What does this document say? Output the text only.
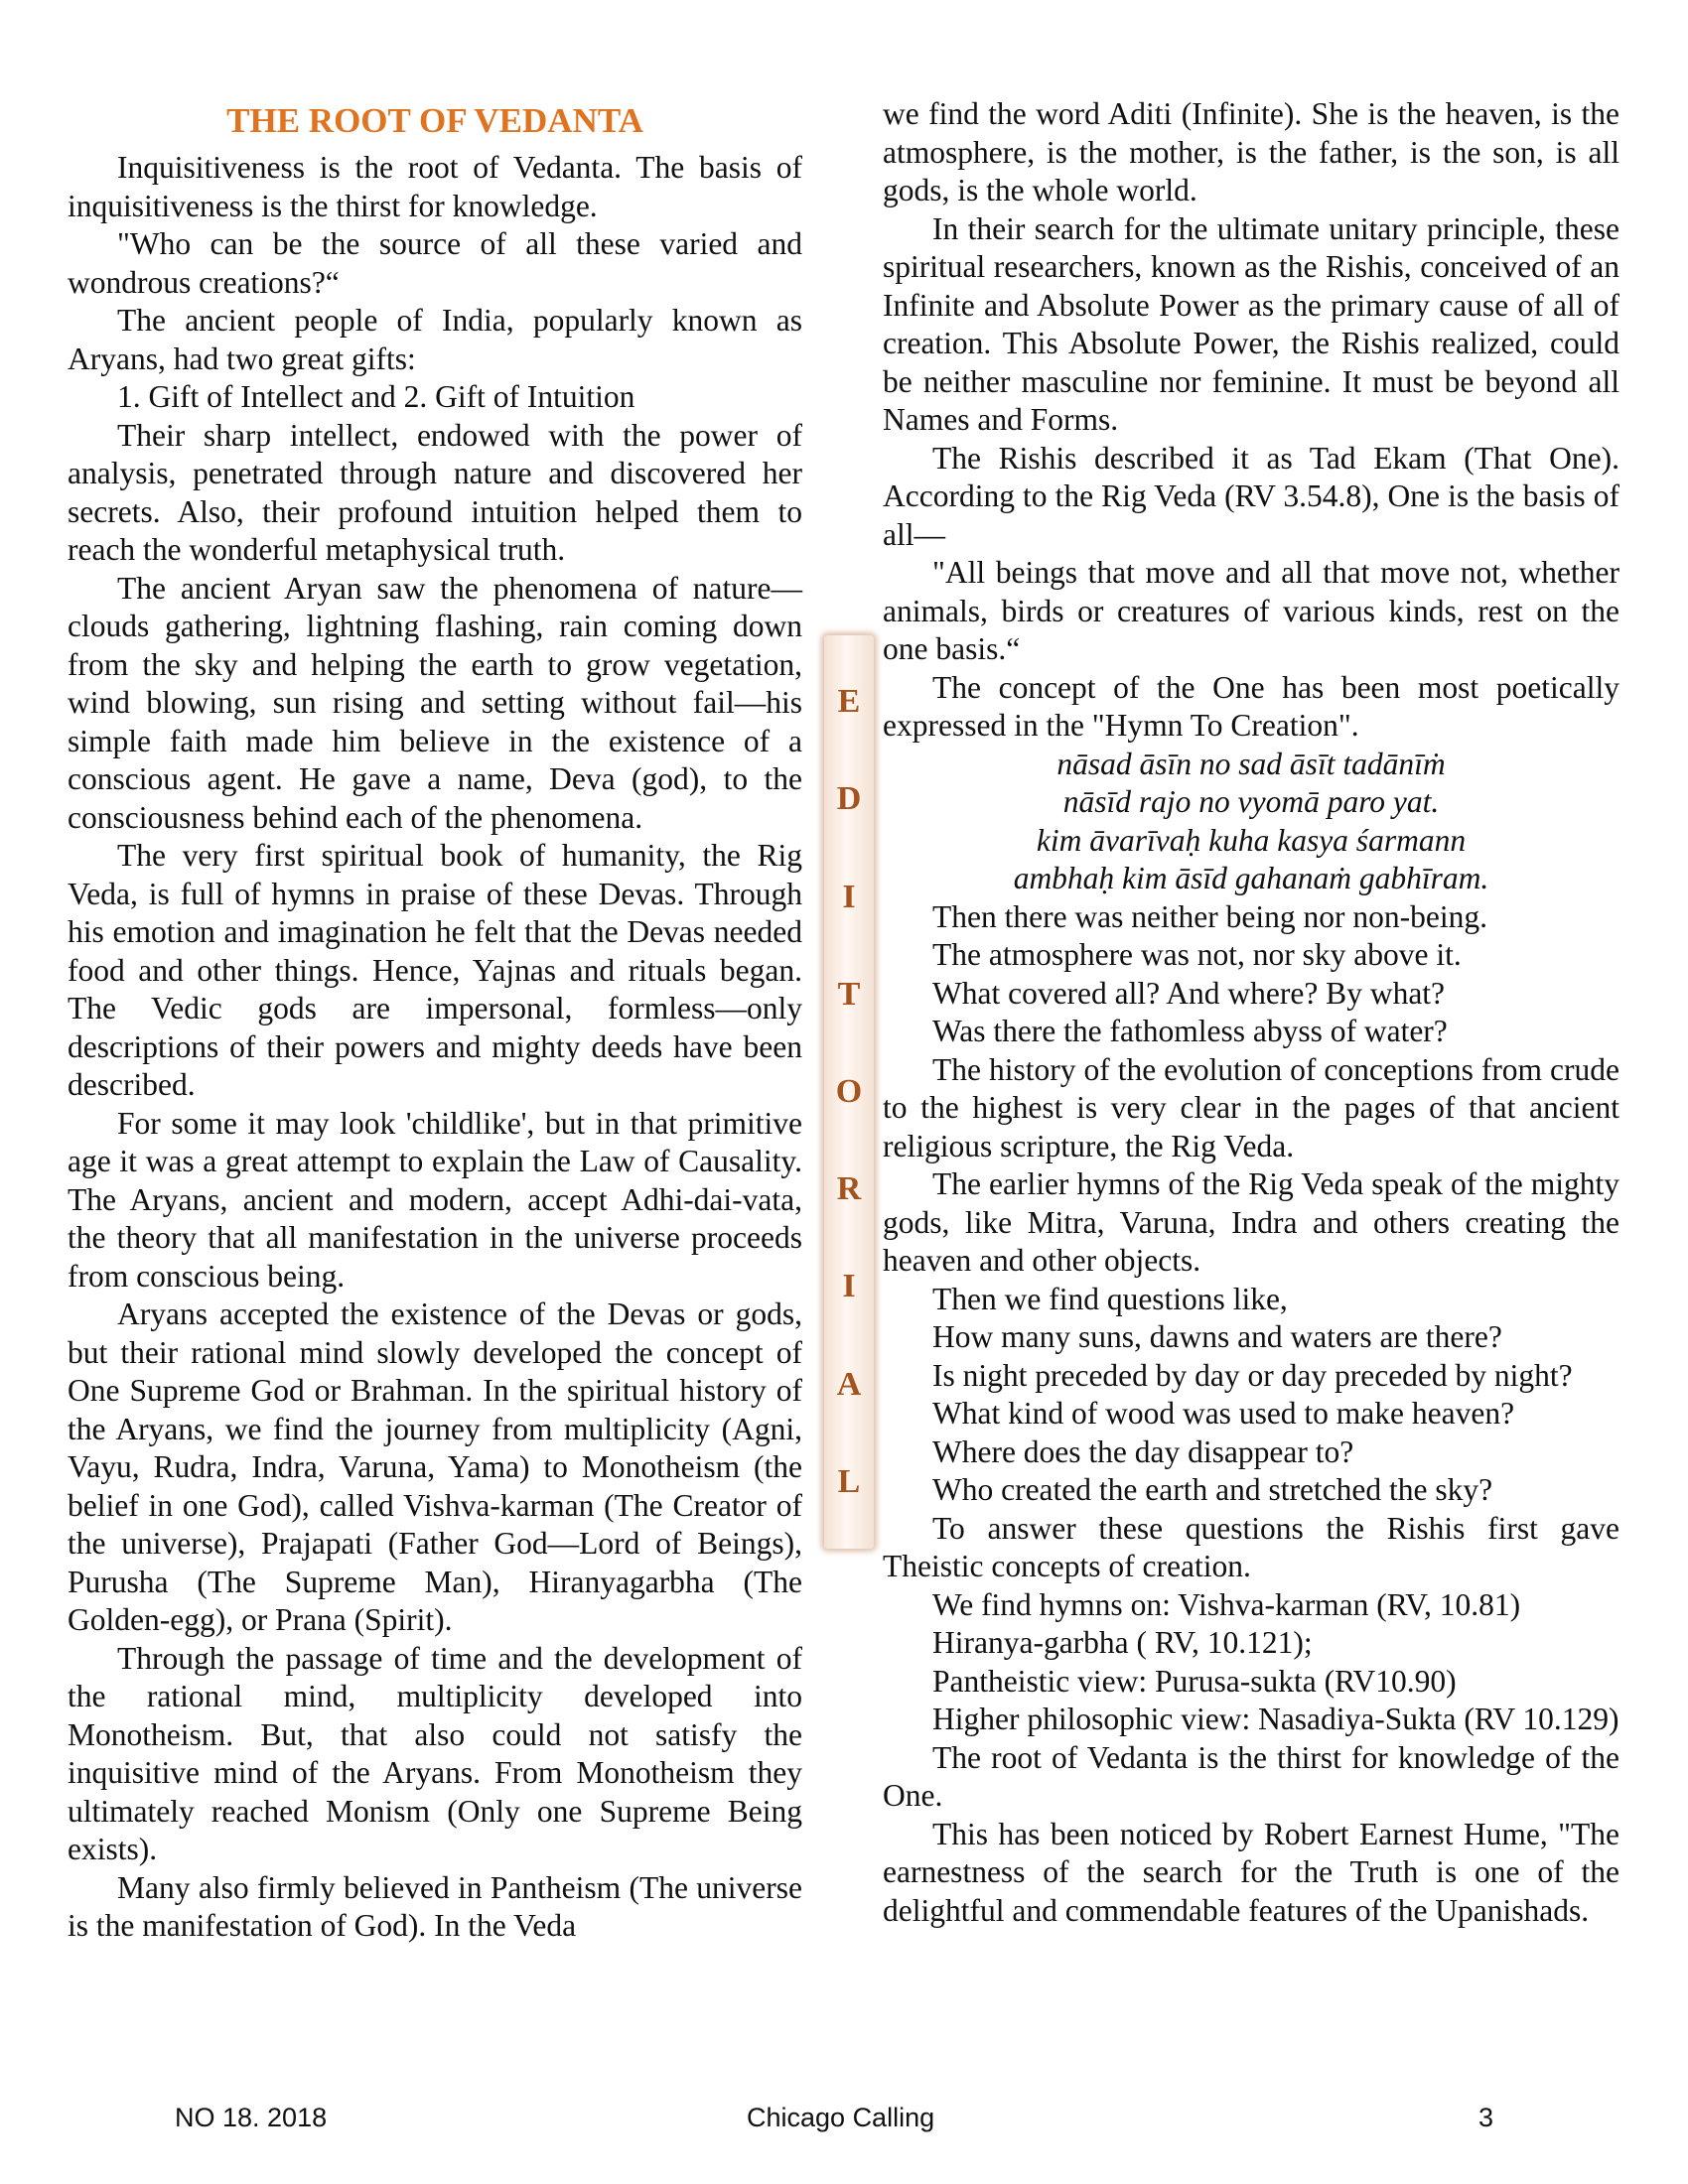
THE ROOT OF VEDANTA

Inquisitiveness is the root of Vedanta. The basis of inquisitiveness is the thirst for knowledge.

"Who can be the source of all these varied and wondrous creations?“

The ancient people of India, popularly known as Aryans, had two great gifts:

1. Gift of Intellect and 2. Gift of Intuition

Their sharp intellect, endowed with the power of analysis, penetrated through nature and discovered her secrets. Also, their profound intuition helped them to reach the wonderful metaphysical truth.

The ancient Aryan saw the phenomena of nature—clouds gathering, lightning flashing, rain coming down from the sky and helping the earth to grow vegetation, wind blowing, sun rising and setting without fail—his simple faith made him believe in the existence of a conscious agent. He gave a name, Deva (god), to the consciousness behind each of the phenomena.

The very first spiritual book of humanity, the Rig Veda, is full of hymns in praise of these Devas. Through his emotion and imagination he felt that the Devas needed food and other things. Hence, Yajnas and rituals began. The Vedic gods are impersonal, formless—only descriptions of their powers and mighty deeds have been described.

For some it may look 'childlike', but in that primitive age it was a great attempt to explain the Law of Causality. The Aryans, ancient and modern, accept Adhi-dai-vata, the theory that all manifestation in the universe proceeds from conscious being.

Aryans accepted the existence of the Devas or gods, but their rational mind slowly developed the concept of One Supreme God or Brahman. In the spiritual history of the Aryans, we find the journey from multiplicity (Agni, Vayu, Rudra, Indra, Varuna, Yama) to Monotheism (the belief in one God), called Vishva-karman (The Creator of the universe), Prajapati (Father God—Lord of Beings), Purusha (The Supreme Man), Hiranyagarbha (The Golden-egg), or Prana (Spirit).

Through the passage of time and the development of the rational mind, multiplicity developed into Monotheism. But, that also could not satisfy the inquisitive mind of the Aryans. From Monotheism they ultimately reached Monism (Only one Supreme Being exists).

Many also firmly believed in Pantheism (The universe is the manifestation of God). In the Veda

E
D
I
T
O
R
I
A
L

we find the word Aditi (Infinite). She is the heaven, is the atmosphere, is the mother, is the father, is the son, is all gods, is the whole world.

In their search for the ultimate unitary principle, these spiritual researchers, known as the Rishis, conceived of an Infinite and Absolute Power as the primary cause of all of creation. This Absolute Power, the Rishis realized, could be neither masculine nor feminine. It must be beyond all Names and Forms.

The Rishis described it as Tad Ekam (That One). According to the Rig Veda (RV 3.54.8), One is the basis of all—

"All beings that move and all that move not, whether animals, birds or creatures of various kinds, rest on the one basis.“

The concept of the One has been most poetically expressed in the "Hymn To Creation".

nāsad āsīn no sad āsīt tadānīṁ

nāsīd rajo no vyomā paro yat.

kim āvarīvaḥ kuha kasya śarmann

ambhaḥ kim āsīd gahanaṁ gabhīram.

Then there was neither being nor non-being.

The atmosphere was not, nor sky above it.

What covered all? And where? By what?

Was there the fathomless abyss of water?

The history of the evolution of conceptions from crude to the highest is very clear in the pages of that ancient religious scripture, the Rig Veda.

The earlier hymns of the Rig Veda speak of the mighty gods, like Mitra, Varuna, Indra and others creating the heaven and other objects.

Then we find questions like,

How many suns, dawns and waters are there?

Is night preceded by day or day preceded by night?

What kind of wood was used to make heaven?

Where does the day disappear to?

Who created the earth and stretched the sky?

To answer these questions the Rishis first gave Theistic concepts of creation.

We find hymns on: Vishva-karman (RV, 10.81)

Hiranya-garbha ( RV, 10.121);

Pantheistic view: Purusa-sukta (RV10.90)

Higher philosophic view: Nasadiya-Sukta (RV 10.129)

The root of Vedanta is the thirst for knowledge of the One.

This has been noticed by Robert Earnest Hume, "The earnestness of the search for the Truth is one of the delightful and commendable features of the Upanishads.

NO 18. 2018	Chicago Calling	3
